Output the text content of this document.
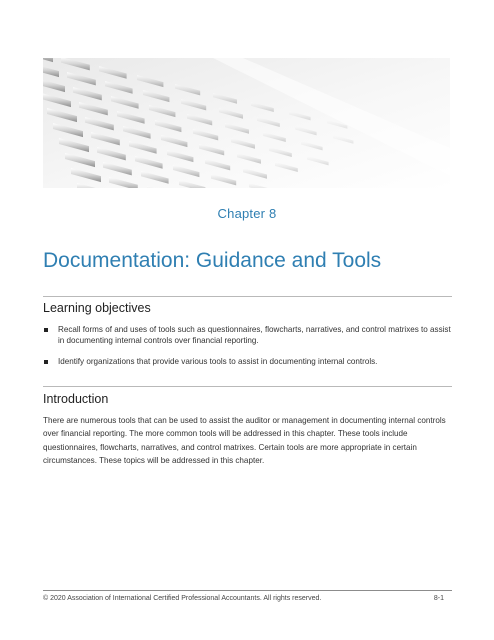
Chapter 8
Documentation: Guidance and Tools
Learning objectives
Recall forms of and uses of tools such as questionnaires, flowcharts, narratives, and control matrixes to assist in documenting internal controls over financial reporting.
Identify organizations that provide various tools to assist in documenting internal controls.
Introduction

There are numerous tools that can be used to assist the auditor or management in documenting internal controls over financial reporting. The more common tools will be addressed in this chapter. These tools include questionnaires, flowcharts, narratives, and control matrixes. Certain tools are more appropriate in certain circumstances. These topics will be addressed in this chapter.

© 2020 Association of International Certified Professional Accountants. All rights reserved.	8-1
